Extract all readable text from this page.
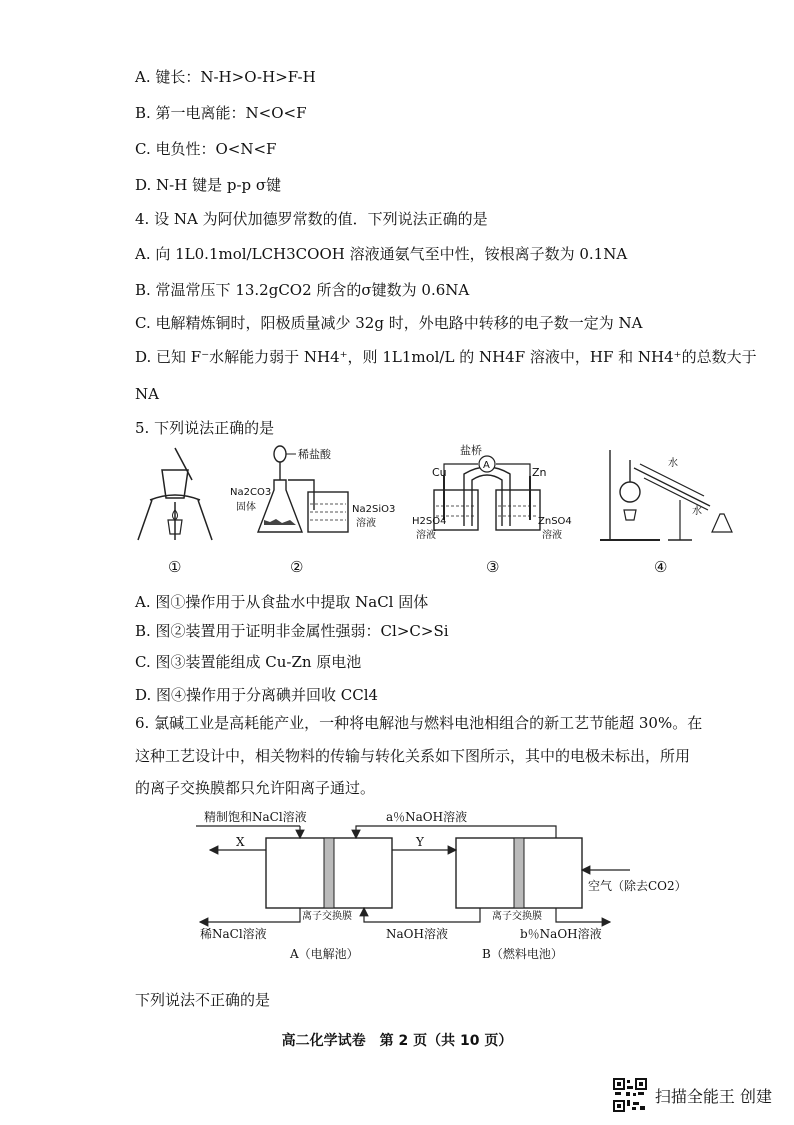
A. 键长：N-H>O-H>F-H
B. 第一电离能：N<O<F
C. 电负性：O<N<F
D. N-H 键是 p-p σ键
4. 设 NA 为阿伏加德罗常数的值．下列说法正确的是
A. 向 1L0.1mol/LCH3COOH 溶液通氨气至中性，铵根离子数为 0.1NA
B. 常温常压下 13.2gCO2 所含的σ键数为 0.6NA
C. 电解精炼铜时，阳极质量减少 32g 时，外电路中转移的电子数一定为 NA
D. 已知 F⁻水解能力弱于 NH4⁺，则 1L1mol/L 的 NH4F 溶液中，HF 和 NH4⁺的总数大于
NA
5. 下列说法正确的是
①
稀盐酸
Na2CO3
固体	Na2SiO3
溶液
②
A
盐桥
Cu	Zn
H2SO4
溶液
ZnSO4
溶液
③
水
水
④
A. 图①操作用于从食盐水中提取 NaCl 固体
B. 图②装置用于证明非金属性强弱：Cl>C>Si
C. 图③装置能组成 Cu-Zn 原电池
D. 图④操作用于分离碘并回收 CCl4
6. 氯碱工业是高耗能产业，一种将电解池与燃料电池相组合的新工艺节能超 30%。在
这种工艺设计中，相关物料的传输与转化关系如下图所示，其中的电极未标出，所用
的离子交换膜都只允许阳离子通过。
精制饱和NaCl溶液	a％NaOH溶液
X	Y
空气（除去CO2）
离子交换膜	离子交换膜
稀NaCl溶液	NaOH溶液	b％NaOH溶液
A（电解池）	B（燃料电池）
下列说法不正确的是
高二化学试卷　第 2 页（共 10 页）
扫描全能王 创建
